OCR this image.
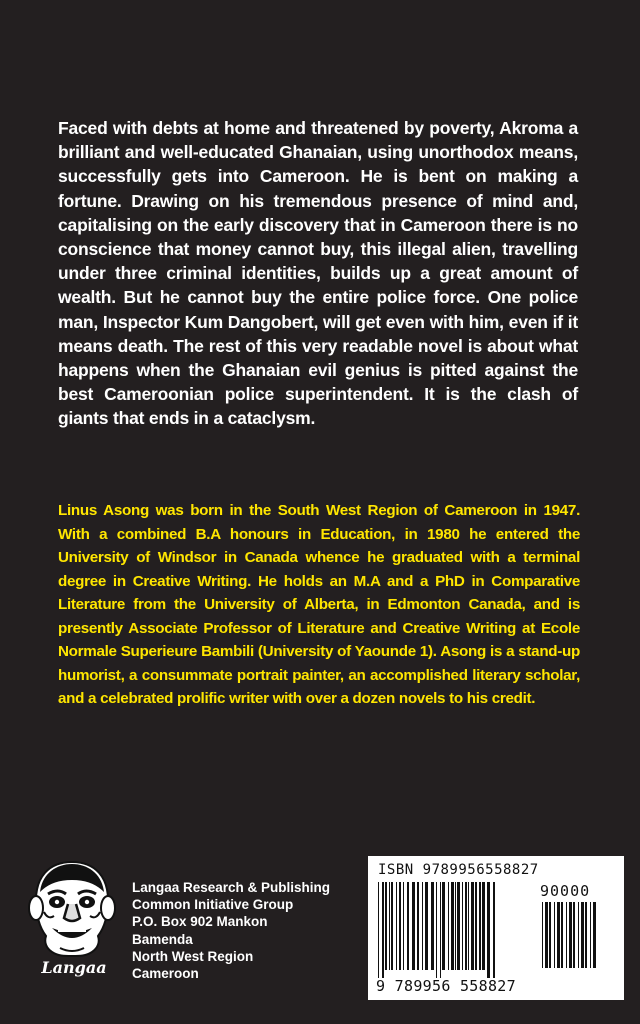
Faced with debts at home and threatened by poverty, Akroma a brilliant and well-educated Ghanaian, using unorthodox means, successfully gets into Cameroon. He is bent on making a fortune. Drawing on his tremendous presence of mind and, capitalising on the early discovery that in Cameroon there is no conscience that money cannot buy, this illegal alien, travelling under three criminal identities, builds up a great amount of wealth. But he cannot buy the entire police force. One police man, Inspector Kum Dangobert, will get even with him, even if it means death. The rest of this very readable novel is about what happens when the Ghanaian evil genius is pitted against the best Cameroonian police superintendent. It is the clash of giants that ends in a cataclysm.

Linus Asong was born in the South West Region of Cameroon in 1947. With a combined B.A honours in Education, in 1980 he entered the University of Windsor in Canada whence he graduated with a terminal degree in Creative Writing. He holds an M.A and a PhD in Comparative Literature from the University of Alberta, in Edmonton Canada, and is presently Associate Professor of Literature and Creative Writing at Ecole Normale Superieure Bambili (University of Yaounde 1). Asong is a stand-up humorist, a consummate portrait painter, an accomplished literary scholar, and a celebrated prolific writer with over a dozen novels to his credit.

Langaa
Langaa Research & Publishing
Common Initiative Group
P.O. Box 902 Mankon
Bamenda
North West Region
Cameroon
ISBN 9789956558827
90000
9 789956 558827
